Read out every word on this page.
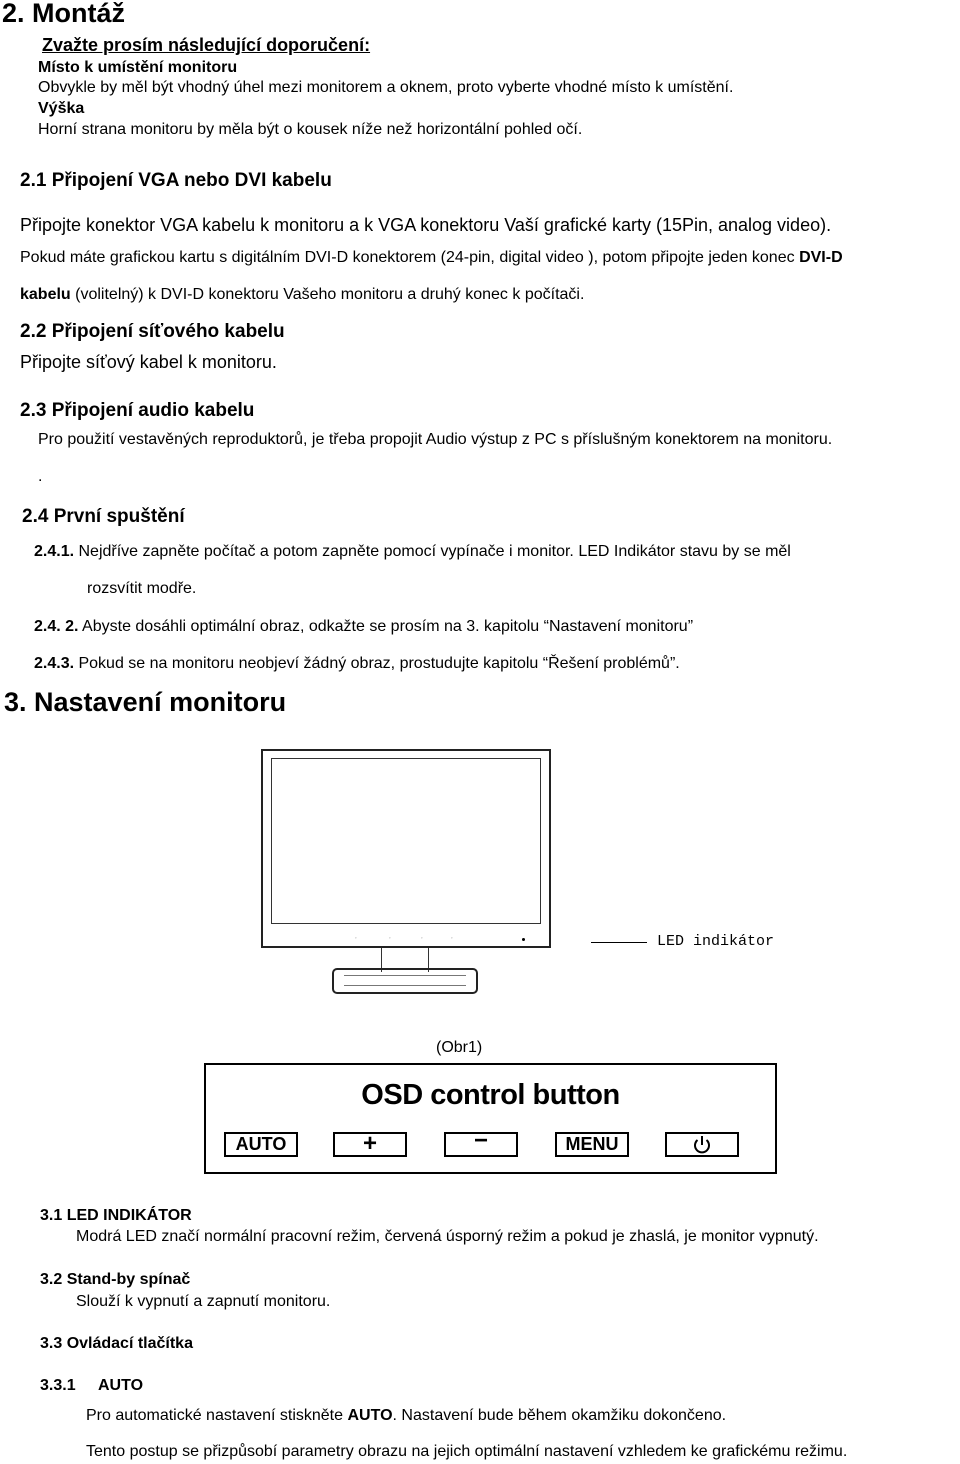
2. Montáž
Zvažte prosím následující doporučení:
Místo k umístění monitoru
Obvykle by měl být vhodný úhel mezi monitorem a oknem, proto vyberte vhodné místo k umístění.
Výška
Horní strana monitoru by měla být o kousek níže než horizontální pohled očí.
2.1 Připojení VGA nebo DVI kabelu
Připojte konektor VGA kabelu k monitoru a k VGA konektoru Vaší grafické karty (15Pin, analog video).
Pokud máte grafickou kartu s digitálním DVI-D konektorem (24-pin, digital video ), potom připojte jeden konec DVI-D
kabelu (volitelný) k DVI-D konektoru Vašeho monitoru a druhý konec k počítači.
2.2 Připojení síťového kabelu
Připojte síťový kabel k monitoru.
2.3 Připojení audio kabelu
Pro použití vestavěných reproduktorů, je třeba propojit Audio výstup z PC s příslušným konektorem na monitoru.
.
2.4 První spuštění
2.4.1. Nejdříve zapněte počítač a potom zapněte pomocí vypínače i monitor. LED Indikátor stavu by se měl
rozsvítit modře.
2.4. 2. Abyste dosáhli optimální obraz, odkažte se prosím na 3. kapitolu “Nastavení monitoru”
2.4.3. Pokud se na monitoru neobjeví žádný obraz, prostudujte kapitolu “Řešení problémů”.
3. Nastavení monitoru
▫	▫	▫	▫	LED indikátor
(Obr1)
OSD control button
AUTO	+	−	MENU
3.1 LED INDIKÁTOR
Modrá LED značí normální pracovní režim, červená úsporný režim a pokud je zhaslá, je monitor vypnutý.
3.2 Stand-by spínač
Slouží k vypnutí a zapnutí monitoru.
3.3 Ovládací tlačítka
3.3.1 AUTO
Pro automatické nastavení stiskněte AUTO. Nastavení bude během okamžiku dokončeno.
Tento postup se přizpůsobí parametry obrazu na jejich optimální nastavení vzhledem ke grafickému režimu.
